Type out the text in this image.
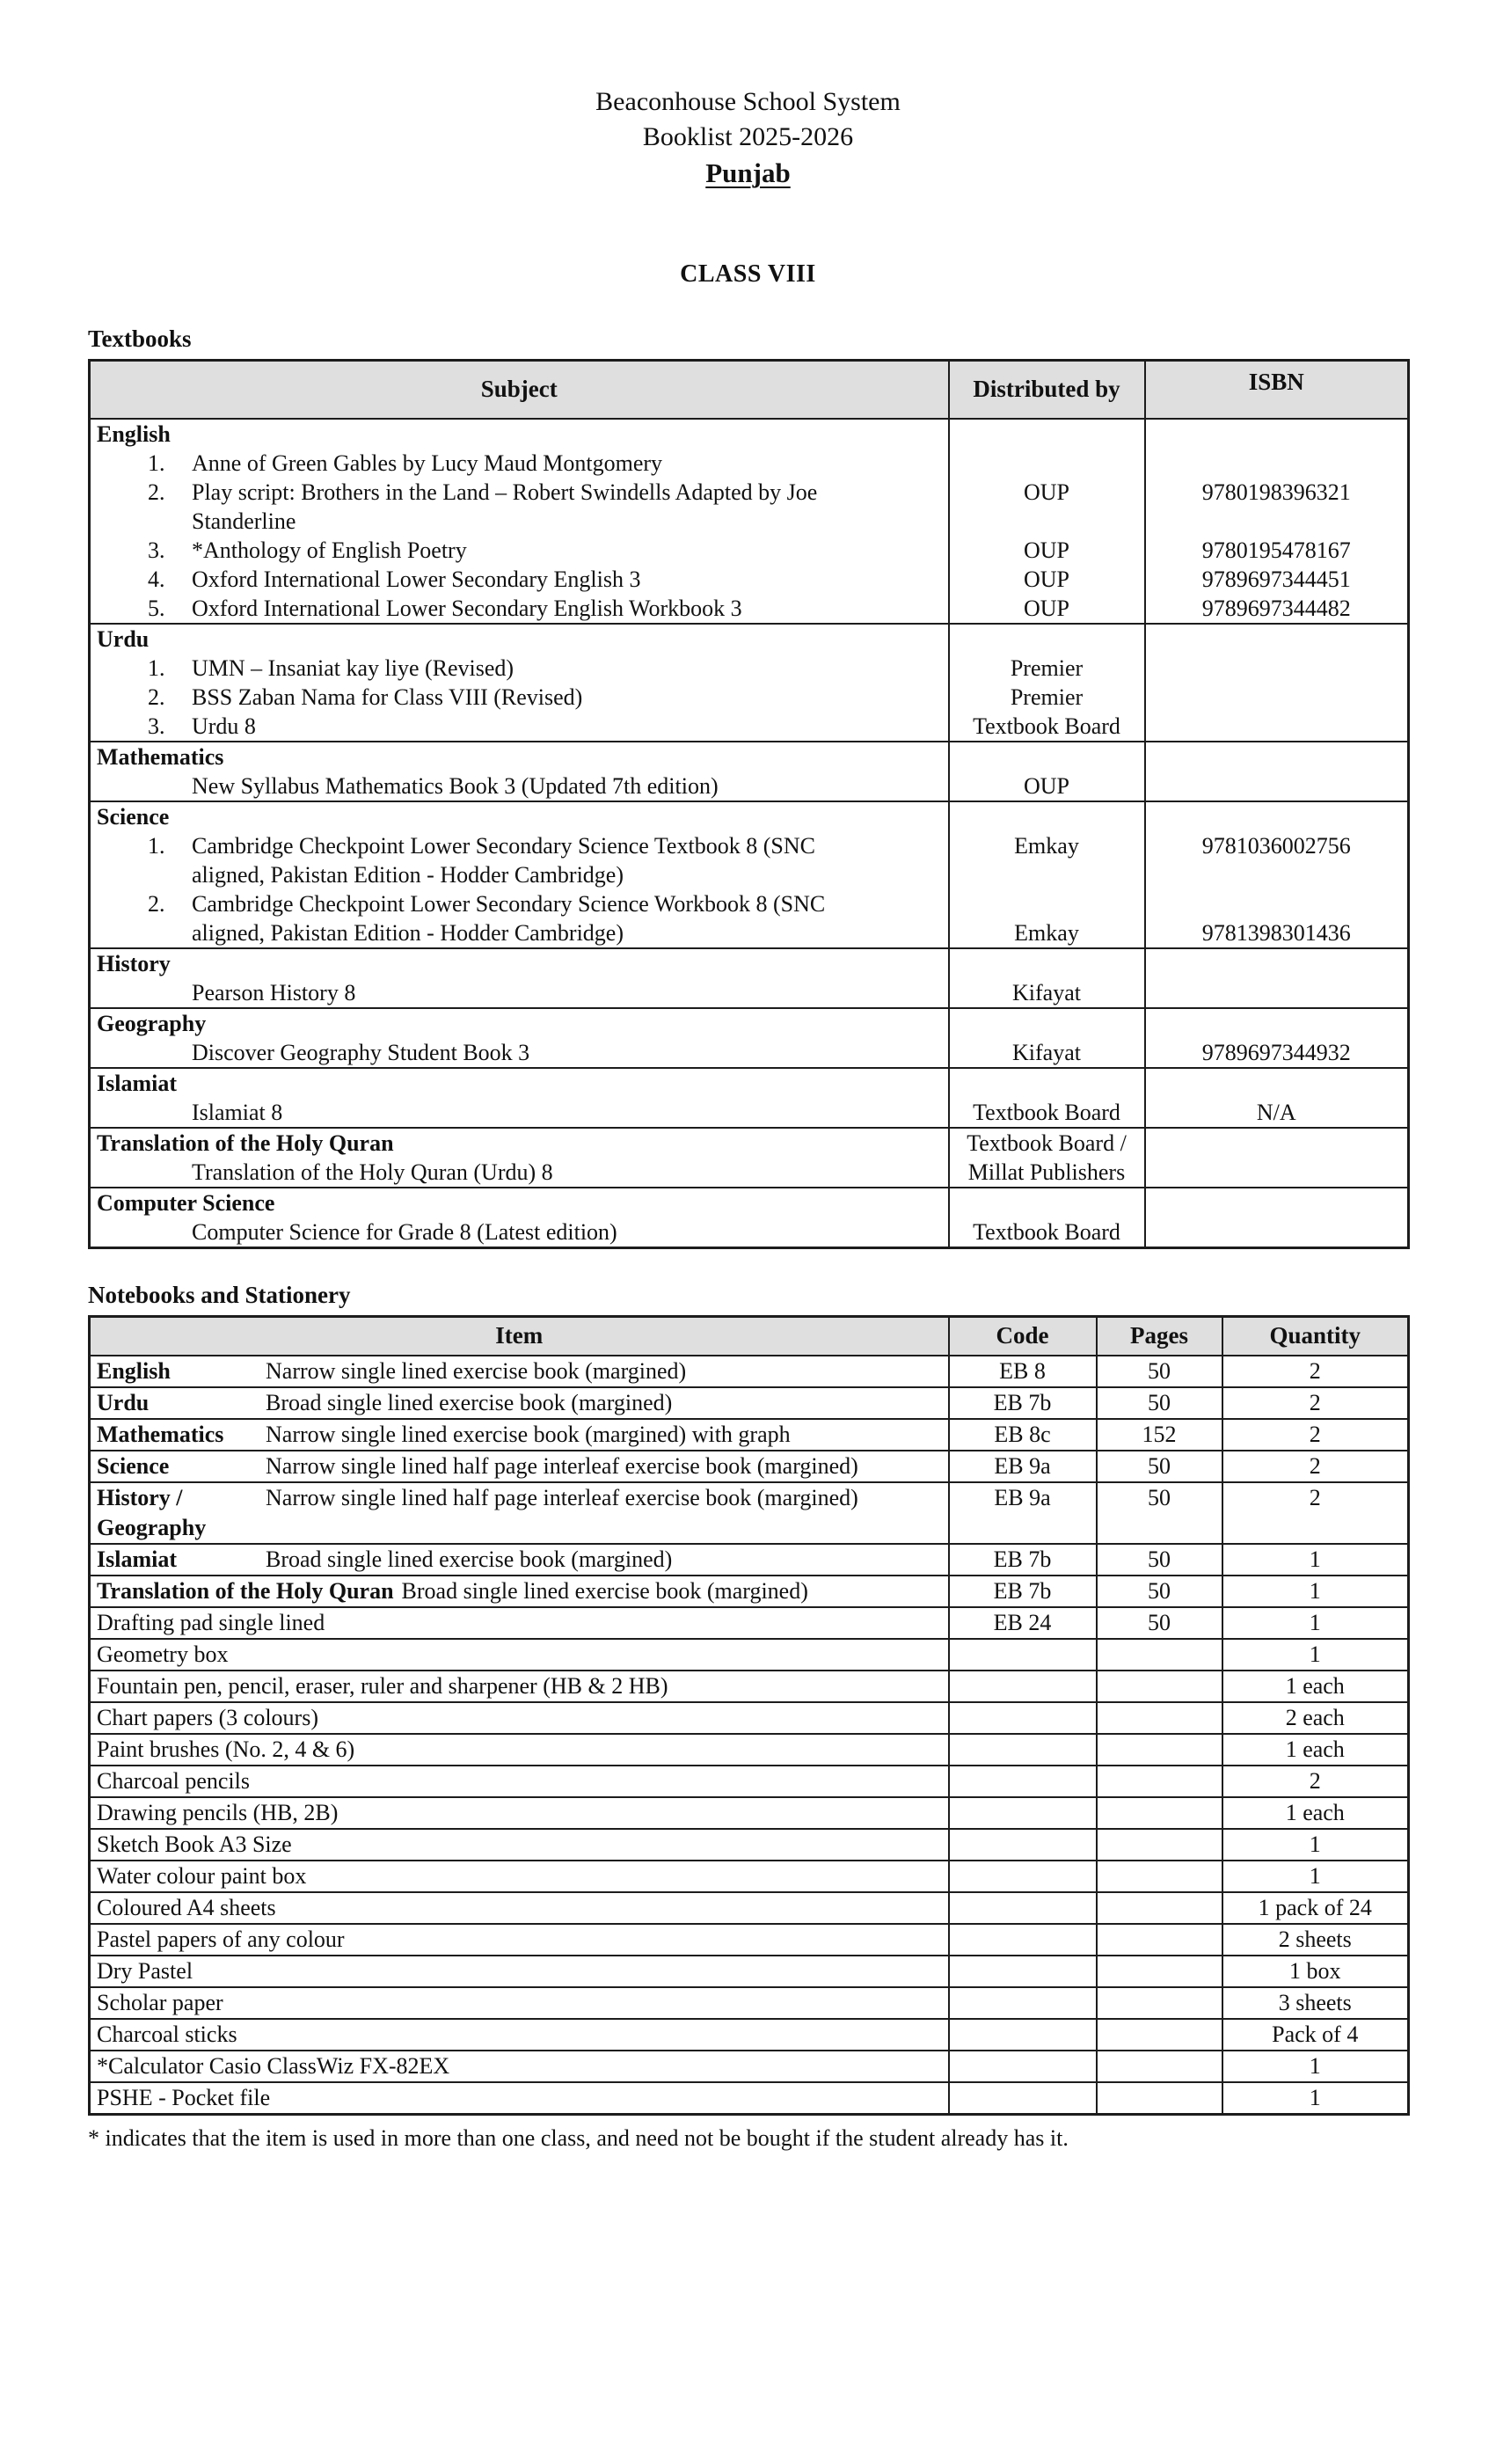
Beaconhouse School System
Booklist 2025-2026
Punjab
CLASS VIII
Textbooks
Subject	Distributed by	ISBN
English		
1. Anne of Green Gables by Lucy Maud Montgomery		
2. Play script: Brothers in the Land – Robert Swindells Adapted by Joe	OUP	9780198396321
Standerline		
3. *Anthology of English Poetry	OUP	9780195478167
4. Oxford International Lower Secondary English 3	OUP	9789697344451
5. Oxford International Lower Secondary English Workbook 3	OUP	9789697344482
Urdu		
1. UMN – Insaniat kay liye (Revised)	Premier	
2. BSS Zaban Nama for Class VIII (Revised)	Premier	
3. Urdu 8	Textbook Board	
Mathematics		
New Syllabus Mathematics Book 3 (Updated 7th edition)	OUP	
Science		
1. Cambridge Checkpoint Lower Secondary Science Textbook 8 (SNC	Emkay	9781036002756
aligned, Pakistan Edition - Hodder Cambridge)		
2. Cambridge Checkpoint Lower Secondary Science Workbook 8 (SNC		
aligned, Pakistan Edition - Hodder Cambridge)	Emkay	9781398301436
History		
Pearson History 8	Kifayat	
Geography		
Discover Geography Student Book 3	Kifayat	9789697344932
Islamiat		
Islamiat 8	Textbook Board	N/A
Translation of the Holy Quran	Textbook Board /	
Translation of the Holy Quran (Urdu) 8	Millat Publishers	
Computer Science		
Computer Science for Grade 8 (Latest edition)	Textbook Board	
Notebooks and Stationery
Item	Code	Pages	Quantity

English Narrow single lined exercise book (margined)	EB 8	50	2

Urdu Broad single lined exercise book (margined)	EB 7b	50	2

Mathematics Narrow single lined exercise book (margined) with graph	EB 8c	152	2

Science Narrow single lined half page interleaf exercise book (margined)	EB 9a	50	2

History / Geography
Narrow single lined half page interleaf exercise book (margined)	EB 9a	50	2

Islamiat Broad single lined exercise book (margined)	EB 7b	50	1

Translation of the Holy Quran Broad single lined exercise book (margined)	EB 7b	50	1

Drafting pad single lined	EB 24	50	1

Geometry box			1

Fountain pen, pencil, eraser, ruler and sharpener (HB & 2 HB)			1 each

Chart papers (3 colours)			2 each

Paint brushes (No. 2, 4 & 6)			1 each

Charcoal pencils			2

Drawing pencils (HB, 2B)			1 each

Sketch Book A3 Size			1

Water colour paint box			1

Coloured A4 sheets			1 pack of 24

Pastel papers of any colour			2 sheets

Dry Pastel			1 box

Scholar paper			3 sheets

Charcoal sticks			Pack of 4

*Calculator Casio ClassWiz FX-82EX			1

PSHE - Pocket file			1
* indicates that the item is used in more than one class, and need not be bought if the student already has it.
